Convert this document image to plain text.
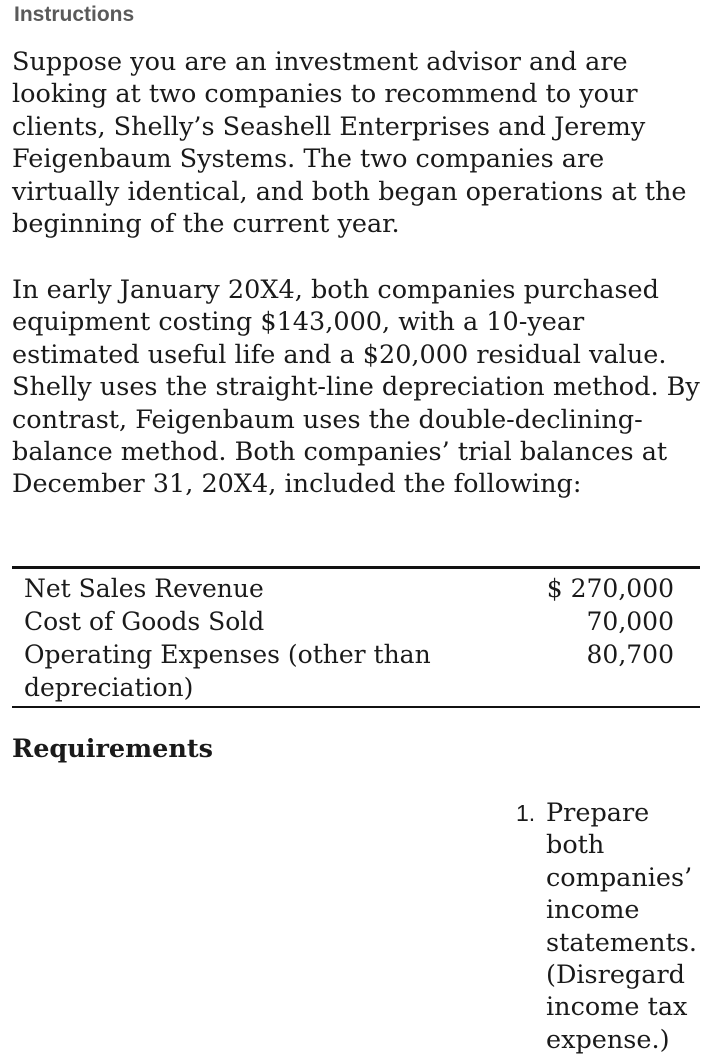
Instructions

Suppose you are an investment advisor and are looking at two companies to recommend to your clients, Shelly’s Seashell Enterprises and Jeremy Feigenbaum Systems. The two companies are virtually identical, and both began operations at the beginning of the current year.

In early January 20X4, both companies purchased equipment costing $143,000, with a 10-year estimated useful life and a $20,000 residual value. Shelly uses the straight-line depreciation method. By contrast, Feigenbaum uses the double-declining-balance method. Both companies’ trial balances at December 31, 20X4, included the following:

Net Sales Revenue	$ 270,000
Cost of Goods Sold	70,000
Operating Expenses (other than depreciation)
80,700
Requirements
1. Prepare both companies’ income statements. (Disregard income tax expense.)
